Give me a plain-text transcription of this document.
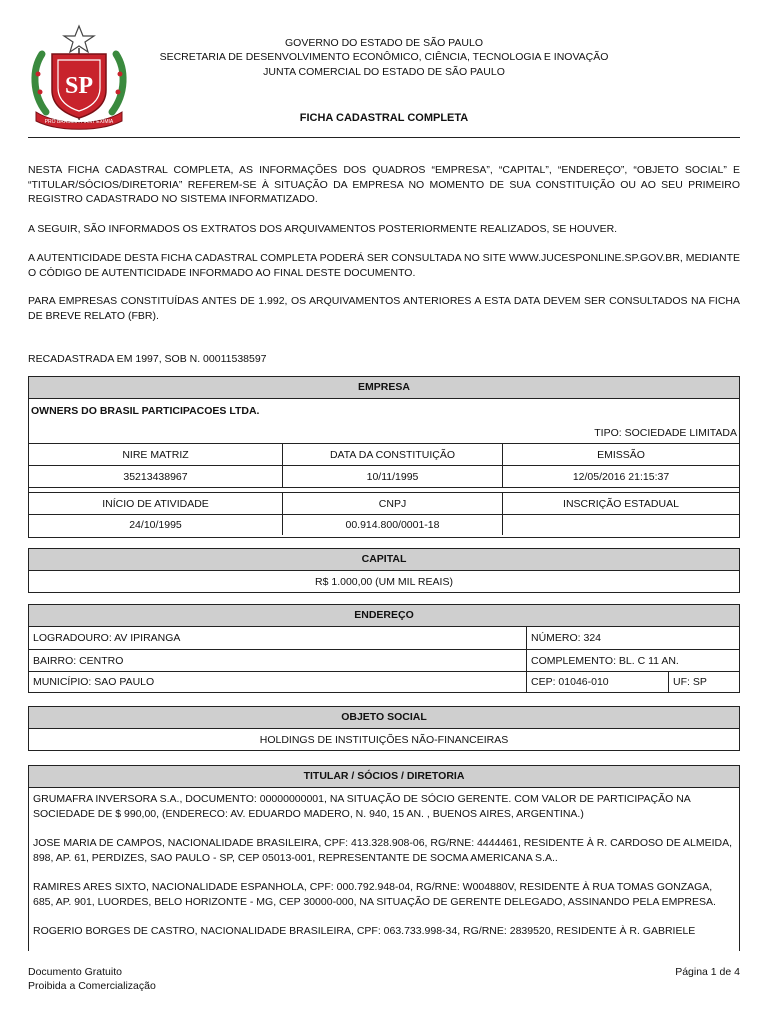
SP
PRO BRASILIA FIANT EXIMIA
GOVERNO DO ESTADO DE SÃO PAULO
SECRETARIA DE DESENVOLVIMENTO ECONÔMICO, CIÊNCIA, TECNOLOGIA E INOVAÇÃO
JUNTA COMERCIAL DO ESTADO DE SÃO PAULO
FICHA CADASTRAL COMPLETA
NESTA FICHA CADASTRAL COMPLETA, AS INFORMAÇÕES DOS QUADROS “EMPRESA”, “CAPITAL”, “ENDEREÇO”, “OBJETO SOCIAL” E “TITULAR/SÓCIOS/DIRETORIA” REFEREM-SE À SITUAÇÃO DA EMPRESA NO MOMENTO DE SUA CONSTITUIÇÃO OU AO SEU PRIMEIRO REGISTRO CADASTRADO NO SISTEMA INFORMATIZADO.
A SEGUIR, SÃO INFORMADOS OS EXTRATOS DOS ARQUIVAMENTOS POSTERIORMENTE REALIZADOS, SE HOUVER.
A AUTENTICIDADE DESTA FICHA CADASTRAL COMPLETA PODERÁ SER CONSULTADA NO SITE WWW.JUCESPONLINE.SP.GOV.BR, MEDIANTE O CÓDIGO DE AUTENTICIDADE INFORMADO AO FINAL DESTE DOCUMENTO.
PARA EMPRESAS CONSTITUÍDAS ANTES DE 1.992, OS ARQUIVAMENTOS ANTERIORES A ESTA DATA DEVEM SER CONSULTADOS NA FICHA DE BREVE RELATO (FBR).
RECADASTRADA EM 1997, SOB N. 00011538597
EMPRESA
OWNERS DO BRASIL PARTICIPACOES LTDA.
TIPO: SOCIEDADE LIMITADA
NIRE MATRIZ	DATA DA CONSTITUIÇÃO	EMISSÃO
35213438967	10/11/1995	12/05/2016 21:15:37
INÍCIO DE ATIVIDADE	CNPJ	INSCRIÇÃO ESTADUAL
24/10/1995	00.914.800/0001-18
CAPITAL
R$ 1.000,00 (UM MIL REAIS)
ENDEREÇO
LOGRADOURO: AV IPIRANGA	NÚMERO: 324
BAIRRO: CENTRO	COMPLEMENTO: BL. C 11 AN.
MUNICÍPIO: SAO PAULO	CEP: 01046-010	UF: SP
OBJETO SOCIAL
HOLDINGS DE INSTITUIÇÕES NÃO-FINANCEIRAS
TITULAR / SÓCIOS / DIRETORIA

GRUMAFRA INVERSORA S.A., DOCUMENTO: 00000000001, NA SITUAÇÃO DE SÓCIO GERENTE. COM VALOR DE PARTICIPAÇÃO NA SOCIEDADE DE $ 990,00, (ENDERECO: AV. EDUARDO MADERO, N. 940, 15 AN. , BUENOS AIRES, ARGENTINA.)

JOSE MARIA DE CAMPOS, NACIONALIDADE BRASILEIRA, CPF: 413.328.908-06, RG/RNE: 4444461, RESIDENTE À R. CARDOSO DE ALMEIDA, 898, AP. 61, PERDIZES, SAO PAULO - SP, CEP 05013-001, REPRESENTANTE DE SOCMA AMERICANA S.A..

RAMIRES ARES SIXTO, NACIONALIDADE ESPANHOLA, CPF: 000.792.948-04, RG/RNE: W004880V, RESIDENTE À RUA TOMAS GONZAGA, 685, AP. 901, LUORDES, BELO HORIZONTE - MG, CEP 30000-000, NA SITUAÇÃO DE GERENTE DELEGADO, ASSINANDO PELA EMPRESA.

ROGERIO BORGES DE CASTRO, NACIONALIDADE BRASILEIRA, CPF: 063.733.998-34, RG/RNE: 2839520, RESIDENTE À R. GABRIELE

Documento Gratuito
Proibida a Comercialização
Página 1 de 4
